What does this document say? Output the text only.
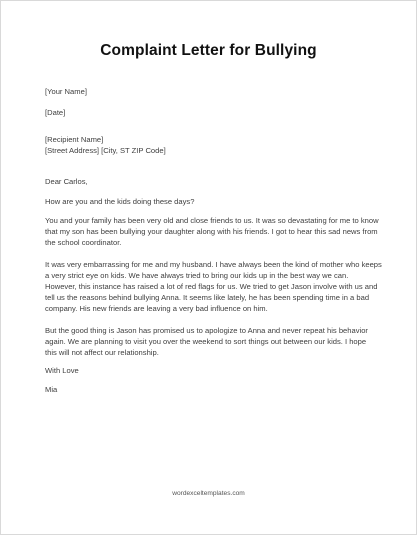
Complaint Letter for Bullying
[Your Name]
[Date]
[Recipient Name]
[Street Address] [City, ST ZIP Code]
Dear Carlos,
How are you and the kids doing these days?
You and your family has been very old and close friends to us. It was so devastating for me to know
that my son has been bullying your daughter along with his friends. I got to hear this sad news from
the school coordinator.
It was very embarrassing for me and my husband. I have always been the kind of mother who keeps
a very strict eye on kids. We have always tried to bring our kids up in the best way we can.
However, this instance has raised a lot of red flags for us. We tried to get Jason involve with us and
tell us the reasons behind bullying Anna. It seems like lately, he has been spending time in a bad
company. His new friends are leaving a very bad influence on him.
But the good thing is Jason has promised us to apologize to Anna and never repeat his behavior
again. We are planning to visit you over the weekend to sort things out between our kids. I hope
this will not affect our relationship.
With Love
Mia
wordexceltemplates.com
